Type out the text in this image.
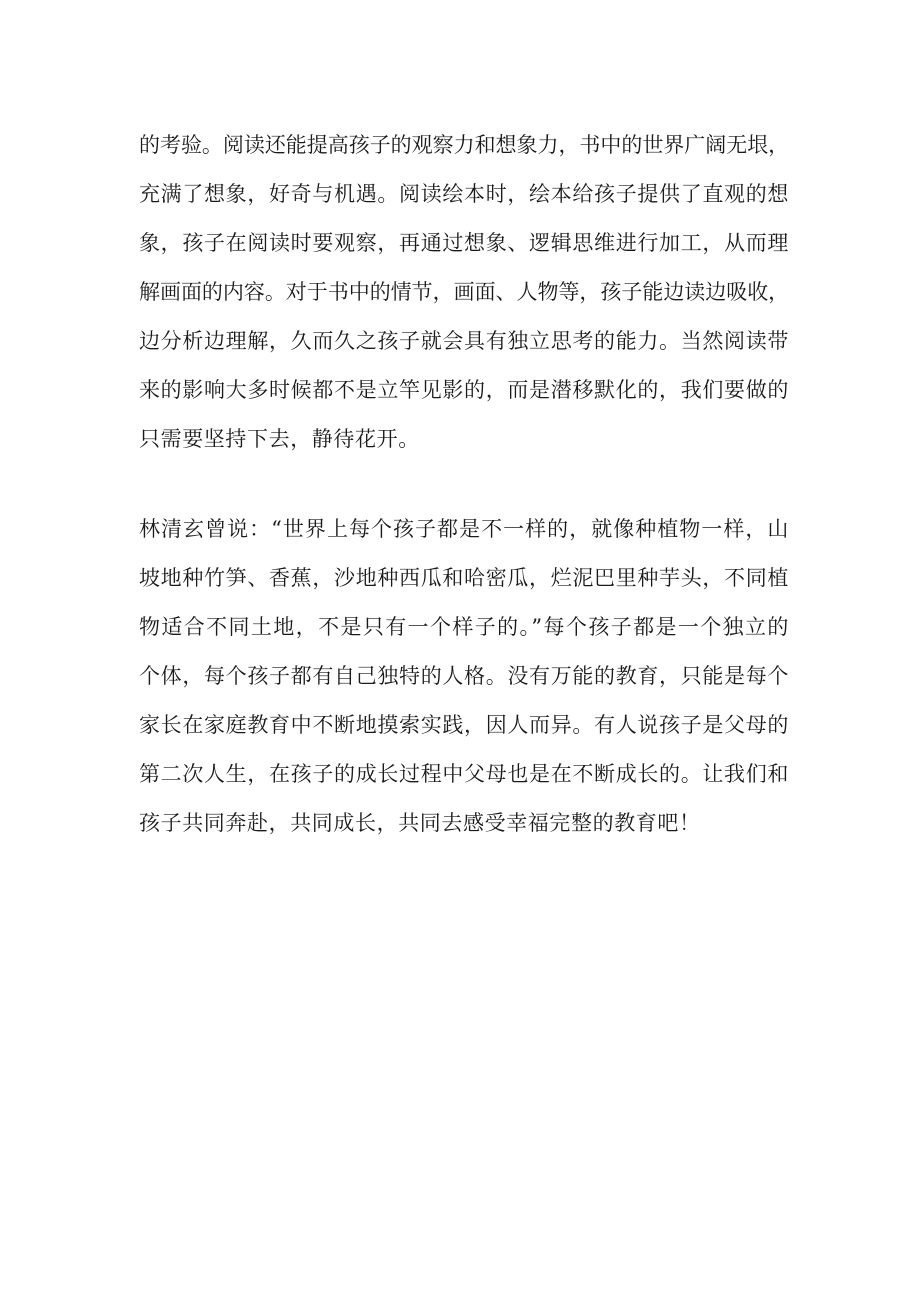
的考验。阅读还能提高孩子的观察力和想象力，书中的世界广阔无垠，
充满了想象，好奇与机遇。阅读绘本时，绘本给孩子提供了直观的想
象，孩子在阅读时要观察，再通过想象、逻辑思维进行加工，从而理
解画面的内容。对于书中的情节，画面、人物等，孩子能边读边吸收，
边分析边理解，久而久之孩子就会具有独立思考的能力。当然阅读带
来的影响大多时候都不是立竿见影的，而是潜移默化的，我们要做的
只需要坚持下去，静待花开。
林清玄曾说：“世界上每个孩子都是不一样的，就像种植物一样，山
坡地种竹笋、香蕉，沙地种西瓜和哈密瓜，烂泥巴里种芋头，不同植
物适合不同土地，不是只有一个样子的。”每个孩子都是一个独立的
个体，每个孩子都有自己独特的人格。没有万能的教育，只能是每个
家长在家庭教育中不断地摸索实践，因人而异。有人说孩子是父母的
第二次人生，在孩子的成长过程中父母也是在不断成长的。让我们和
孩子共同奔赴，共同成长，共同去感受幸福完整的教育吧！
